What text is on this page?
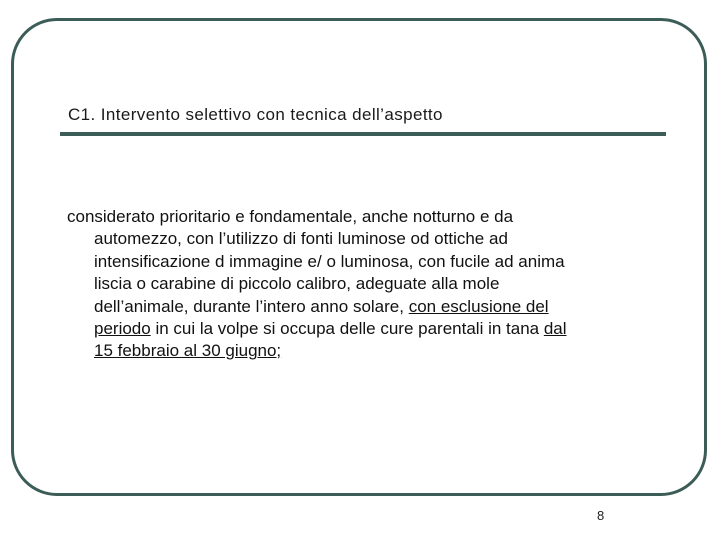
C1. Intervento selettivo con tecnica dell’aspetto
considerato prioritario e fondamentale, anche notturno e da
automezzo, con l’utilizzo di fonti luminose od ottiche ad
intensificazione d immagine e/ o luminosa, con fucile ad anima
liscia o carabine di piccolo calibro, adeguate alla mole
dell’animale, durante l’intero anno solare, con esclusione del
periodo in cui la volpe si occupa delle cure parentali in tana dal
15 febbraio al 30 giugno;
8
